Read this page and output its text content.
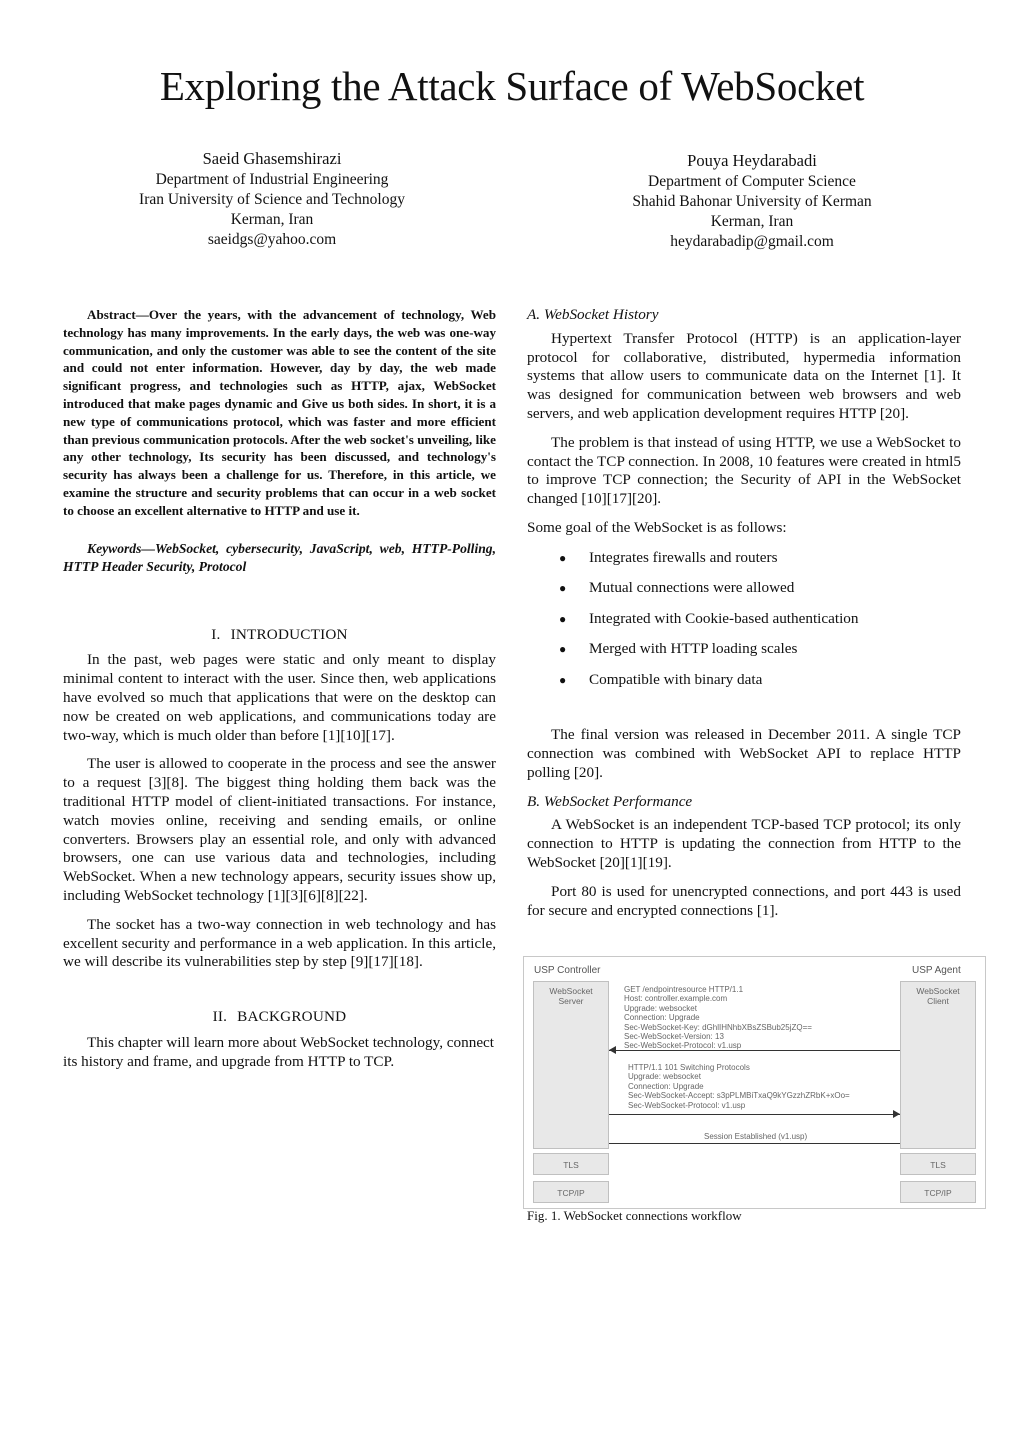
Exploring the Attack Surface of WebSocket
Saeid Ghasemshirazi
Department of Industrial Engineering
Iran University of Science and Technology
Kerman, Iran
saeidgs@yahoo.com
Pouya Heydarabadi
Department of Computer Science
Shahid Bahonar University of Kerman
Kerman, Iran
heydarabadip@gmail.com

Abstract—Over the years, with the advancement of technology, Web technology has many improvements. In the early days, the web was one-way communication, and only the customer was able to see the content of the site and could not enter information. However, day by day, the web made significant progress, and technologies such as HTTP, ajax, WebSocket introduced that make pages dynamic and Give us both sides. In short, it is a new type of communications protocol, which was faster and more efficient than previous communication protocols. After the web socket's unveiling, like any other technology, Its security has been discussed, and technology's security has always been a challenge for us. Therefore, in this article, we examine the structure and security problems that can occur in a web socket to choose an excellent alternative to HTTP and use it.

Keywords—WebSocket, cybersecurity, JavaScript, web, HTTP-Polling, HTTP Header Security, Protocol

I. INTRODUCTION

In the past, web pages were static and only meant to display minimal content to interact with the user. Since then, web applications have evolved so much that applications that were on the desktop can now be created on web applications, and communications today are two-way, which is much older than before [1][10][17].

The user is allowed to cooperate in the process and see the answer to a request [3][8]. The biggest thing holding them back was the traditional HTTP model of client-initiated transactions. For instance, watch movies online, receiving and sending emails, or online converters. Browsers play an essential role, and only with advanced browsers, one can use various data and technologies, including WebSocket. When a new technology appears, security issues show up, including WebSocket technology [1][3][6][8][22].

The socket has a two-way connection in web technology and has excellent security and performance in a web application. In this article, we will describe its vulnerabilities step by step [9][17][18].

II. BACKGROUND

This chapter will learn more about WebSocket technology, connect its history and frame, and upgrade from HTTP to TCP.

A. WebSocket History

Hypertext Transfer Protocol (HTTP) is an application-layer protocol for collaborative, distributed, hypermedia information systems that allow users to communicate data on the Internet [1]. It was designed for communication between web browsers and web servers, and web application development requires HTTP [20].

The problem is that instead of using HTTP, we use a WebSocket to contact the TCP connection. In 2008, 10 features were created in html5 to improve TCP connection; the Security of API in the WebSocket changed [10][17][20].

Some goal of the WebSocket is as follows:

● Integrates firewalls and routers
● Mutual connections were allowed
● Integrated with Cookie-based authentication
● Merged with HTTP loading scales
● Compatible with binary data

The final version was released in December 2011. A single TCP connection was combined with WebSocket API to replace HTTP polling [20].

B. WebSocket Performance

A WebSocket is an independent TCP-based TCP protocol; its only connection to HTTP is updating the connection from HTTP to the WebSocket [20][1][19].

Port 80 is used for unencrypted connections, and port 443 is used for secure and encrypted connections [1].

USP Controller	USP Agent
WebSocket
Server
WebSocket
Client
TLS	TLS
TCP/IP	TCP/IP
GET /endpointresource HTTP/1.1
Host: controller.example.com
Upgrade: websocket
Connection: Upgrade
Sec-WebSocket-Key: dGhlIHNhbXBsZSBub25jZQ==
Sec-WebSocket-Version: 13
Sec-WebSocket-Protocol: v1.usp
HTTP/1.1 101 Switching Protocols
Upgrade: websocket
Connection: Upgrade
Sec-WebSocket-Accept: s3pPLMBiTxaQ9kYGzzhZRbK+xOo=
Sec-WebSocket-Protocol: v1.usp
Session Established (v1.usp)
Fig. 1. WebSocket connections workflow
